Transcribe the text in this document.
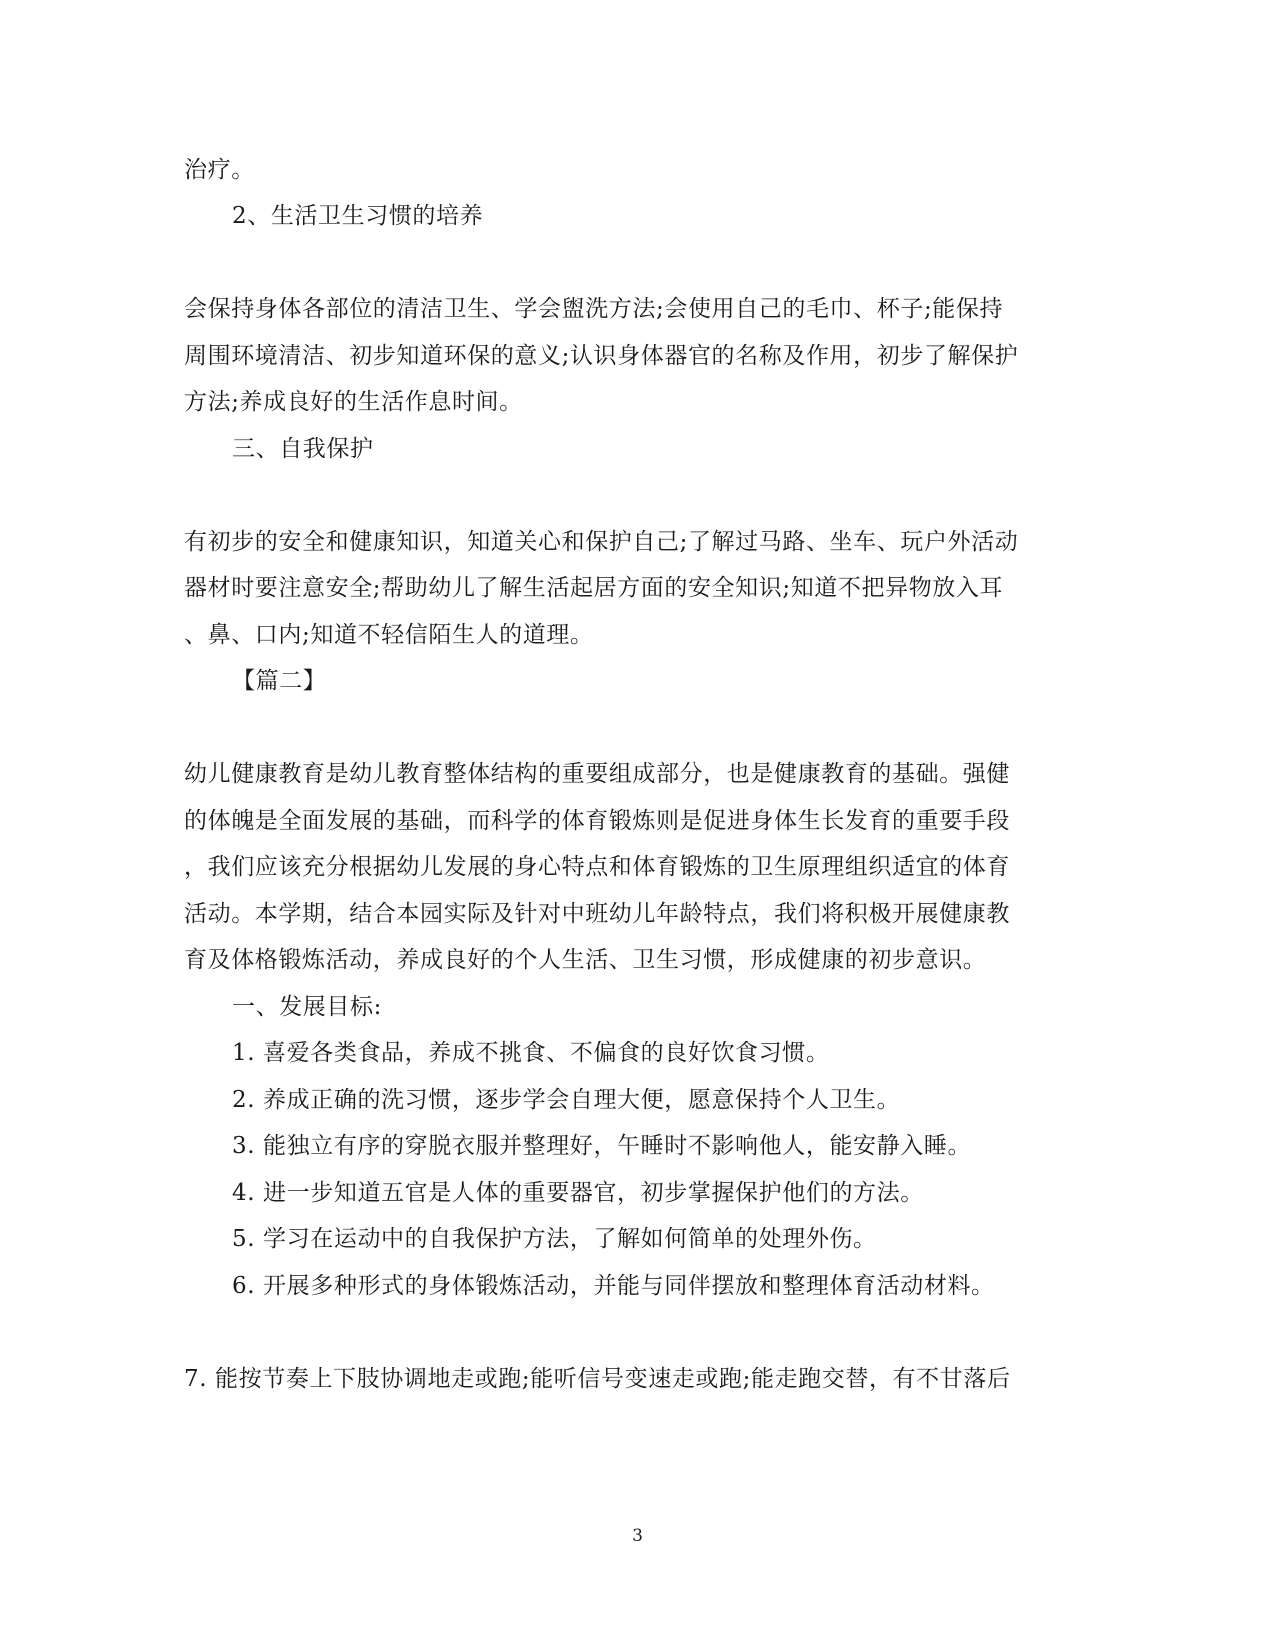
治疗。
2、生活卫生习惯的培养
会保持身体各部位的清洁卫生、学会盥洗方法;会使用自己的毛巾、杯子;能保持
周围环境清洁、初步知道环保的意义;认识身体器官的名称及作用，初步了解保护
方法;养成良好的生活作息时间。
三、自我保护
有初步的安全和健康知识，知道关心和保护自己;了解过马路、坐车、玩户外活动
器材时要注意安全;帮助幼儿了解生活起居方面的安全知识;知道不把异物放入耳
、鼻、口内;知道不轻信陌生人的道理。
【篇二】
幼儿健康教育是幼儿教育整体结构的重要组成部分，也是健康教育的基础。强健
的体魄是全面发展的基础，而科学的体育锻炼则是促进身体生长发育的重要手段
，我们应该充分根据幼儿发展的身心特点和体育锻炼的卫生原理组织适宜的体育
活动。本学期，结合本园实际及针对中班幼儿年龄特点，我们将积极开展健康教
育及体格锻炼活动，养成良好的个人生活、卫生习惯，形成健康的初步意识。
一、发展目标:
1. 喜爱各类食品，养成不挑食、不偏食的良好饮食习惯。
2. 养成正确的洗习惯，逐步学会自理大便，愿意保持个人卫生。
3. 能独立有序的穿脱衣服并整理好，午睡时不影响他人，能安静入睡。
4. 进一步知道五官是人体的重要器官，初步掌握保护他们的方法。
5. 学习在运动中的自我保护方法，了解如何简单的处理外伤。
6. 开展多种形式的身体锻炼活动，并能与同伴摆放和整理体育活动材料。
7. 能按节奏上下肢协调地走或跑;能听信号变速走或跑;能走跑交替，有不甘落后
3
